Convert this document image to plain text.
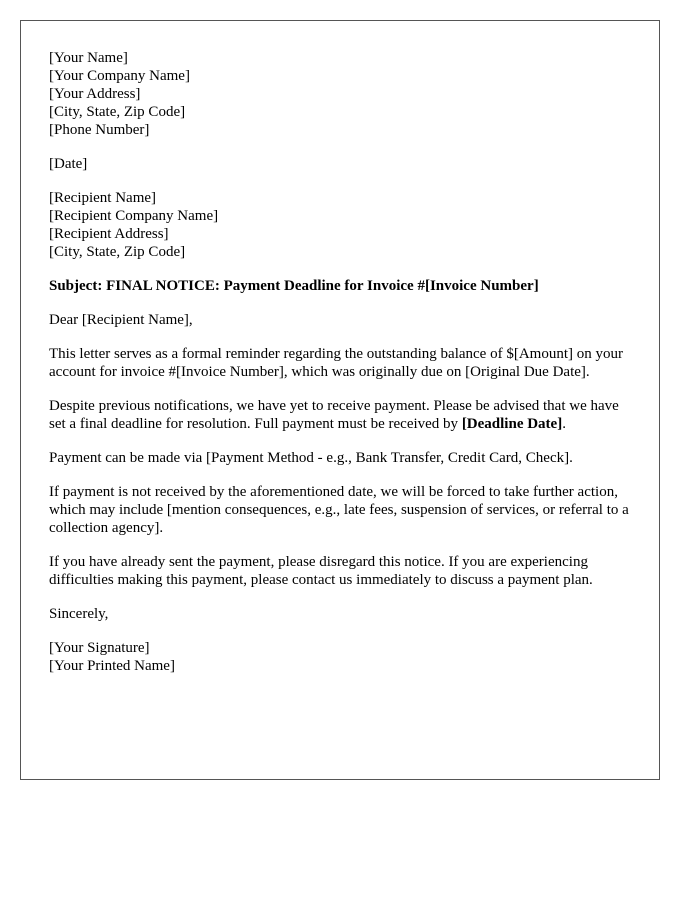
[Your Name]
[Your Company Name]
[Your Address]
[City, State, Zip Code]
[Phone Number]
[Date]
[Recipient Name]
[Recipient Company Name]
[Recipient Address]
[City, State, Zip Code]
Subject: FINAL NOTICE: Payment Deadline for Invoice #[Invoice Number]
Dear [Recipient Name],

This letter serves as a formal reminder regarding the outstanding balance of $[Amount] on your account for invoice #[Invoice Number], which was originally due on [Original Due Date].

Despite previous notifications, we have yet to receive payment. Please be advised that we have set a final deadline for resolution. Full payment must be received by [Deadline Date].

Payment can be made via [Payment Method - e.g., Bank Transfer, Credit Card, Check].

If payment is not received by the aforementioned date, we will be forced to take further action, which may include [mention consequences, e.g., late fees, suspension of services, or referral to a collection agency].

If you have already sent the payment, please disregard this notice. If you are experiencing difficulties making this payment, please contact us immediately to discuss a payment plan.

Sincerely,
[Your Signature]
[Your Printed Name]
